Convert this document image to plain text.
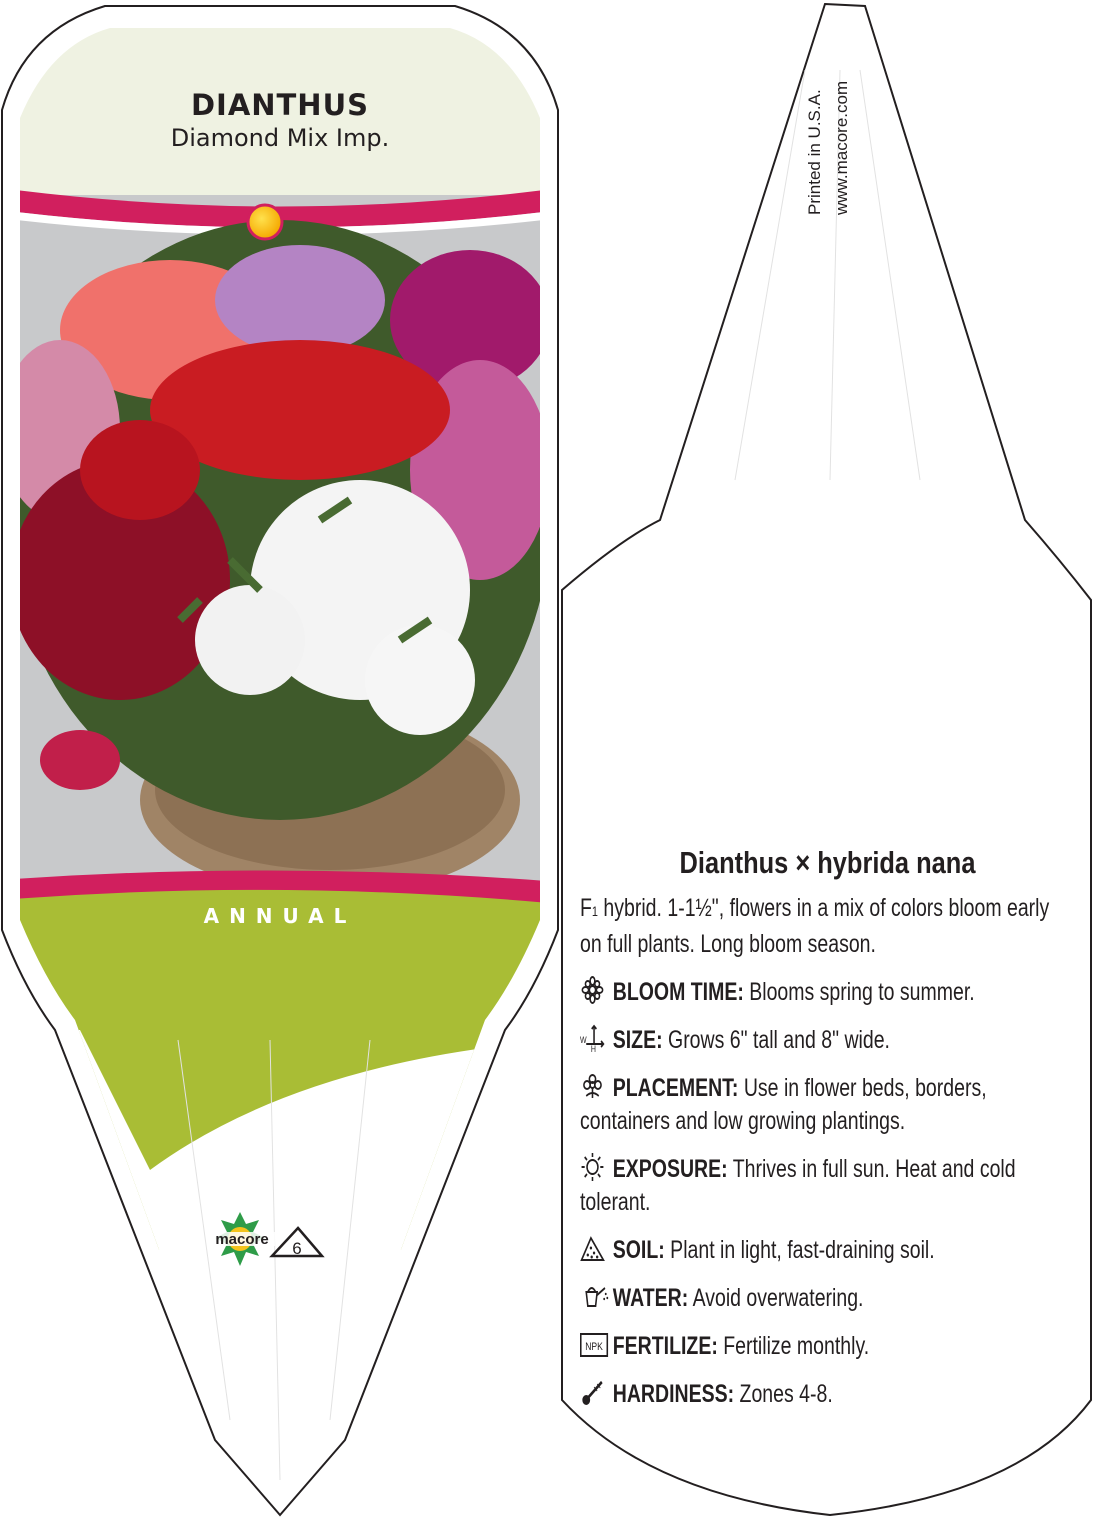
DIANTHUS
Diamond Mix Imp.
ANNUAL
macore 6
Printed in U.S.A. www.macore.com
Dianthus × hybrida nana

F1 hybrid. 1-1½", flowers in a mix of colors bloom early on full plants. Long bloom season.

BLOOM TIME: Blooms spring to summer.

W
H SIZE: Grows 6" tall and 8" wide.

PLACEMENT: Use in flower beds, borders, containers and low growing plantings.

EXPOSURE: Thrives in full sun. Heat and cold tolerant.

SOIL: Plant in light, fast-draining soil.

WATER: Avoid overwatering.

NPK FERTILIZE: Fertilize monthly.

HARDINESS: Zones 4-8.
